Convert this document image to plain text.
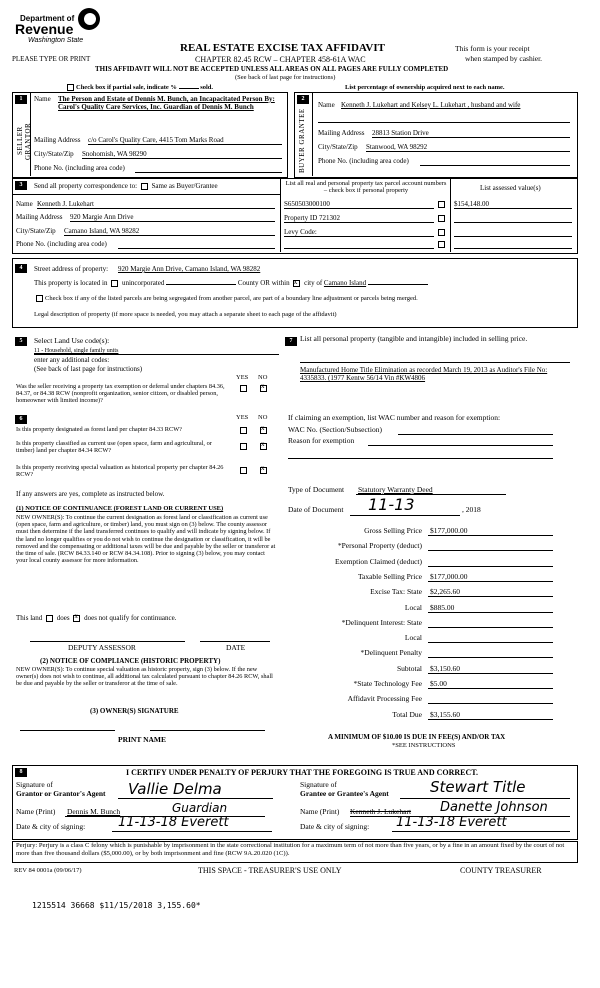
Department of
Revenue
Washington State
PLEASE TYPE OR PRINT
REAL ESTATE EXCISE TAX AFFIDAVIT
CHAPTER 82.45 RCW – CHAPTER 458-61A WAC
THIS AFFIDAVIT WILL NOT BE ACCEPTED UNLESS ALL AREAS ON ALL PAGES ARE FULLY COMPLETED
(See back of last page for instructions)
This form is your receipt
when stamped by cashier.
Check box if partial sale, indicate %	sold.	List percentage of ownership acquired next to each name.
1	2
SELLER GRANTOR	BUYER GRANTEE
Name The Person and Estate of Dennis M. Bunch, an Incapacitated Person By: Carol's Quality Care Services, Inc. Guardian of Dennis M. Bunch
Mailing Address c/o Carol's Quality Care, 4415 Tom Marks Road
City/State/Zip Snohomish, WA 98290
Phone No. (including area code)
Name Kenneth J. Lukehart and Kelsey L. Lukehart , husband and wife
Mailing Address 28813 Station Drive
City/State/Zip Stanwood, WA 98292
Phone No. (including area code)
3	Send all property correspondence to: Same as Buyer/Grantee
Name Kenneth J. Lukehart
Mailing Address 920 Margie Ann Drive
City/State/Zip Camano Island, WA 98282
Phone No. (including area code)
List all real and personal property tax parcel account numbers – check box if personal property	List assessed value(s)
S650503000100
Property ID 721302
Levy Code:
$154,148.00
4	Street address of property: 920 Margie Ann Drive, Camano Island, WA 98282
This property is located in unincorporated	County OR within x city of Camano Island
Check box if any of the listed parcels are being segregated from another parcel, are part of a boundary line adjustment or parcels being merged.
Legal description of property (if more space is needed, you may attach a separate sheet to each page of the affidavit)
5	Select Land Use code(s):
11 - Household, single family units
enter any additional codes:
(See back of last page for instructions)
YES NO
Was the seller receiving a property tax exemption or deferral under chapters 84.36, 84.37, or 84.38 RCW (nonprofit organization, senior citizen, or disabled person, homeowner with limited income)?
x
6	YES NO
Is this property designated as forest land per chapter 84.33 RCW?	x
Is this property classified as current use (open space, farm and agricultural, or timber) land per chapter 84.34 RCW?
x
Is this property receiving special valuation as historical property per chapter 84.26 RCW?
x
If any answers are yes, complete as instructed below.
(1) NOTICE OF CONTINUANCE (FOREST LAND OR CURRENT USE)
NEW OWNER(S): To continue the current designation as forest land or classification as current use (open space, farm and agriculture, or timber) land, you must sign on (3) below. The county assessor must then determine if the land transferred continues to qualify and will indicate by signing below. If the land no longer qualifies or you do not wish to continue the designation or classification, it will be removed and the compensating or additional taxes will be due and payable by the seller or transferor at the time of sale. (RCW 84.33.140 or RCW 84.34.108). Prior to signing (3) below, you may contact your local county assessor for more information.
This land does x does not qualify for continuance.
DEPUTY ASSESSOR	DATE
(2) NOTICE OF COMPLIANCE (HISTORIC PROPERTY)
NEW OWNER(S): To continue special valuation as historic property, sign (3) below. If the new owner(s) does not wish to continue, all additional tax calculated pursuant to chapter 84.26 RCW, shall be due and payable by the seller or transferor at the time of sale.
(3) OWNER(S) SIGNATURE
PRINT NAME
7	List all personal property (tangible and intangible) included in selling price.
Manufactured Home Title Elimination as recorded March 19, 2013 as Auditor's File No: 4335833. (1977 Kentw 56/14 Vin #KW4806
If claiming an exemption, list WAC number and reason for exemption:
WAC No. (Section/Subsection)
Reason for exemption
Type of Document Statutory Warranty Deed
Date of Document 11-13	, 2018
Gross Selling Price $177,000.00
*Personal Property (deduct)
Exemption Claimed (deduct)
Taxable Selling Price $177,000.00
Excise Tax: State $2,265.60
Local $885.00
*Delinquent Interest: State
Local
*Delinquent Penalty
Subtotal $3,150.60
*State Technology Fee $5.00
Affidavit Processing Fee
Total Due $3,155.60
A MINIMUM OF $10.00 IS DUE IN FEE(S) AND/OR TAX
*SEE INSTRUCTIONS
8	I CERTIFY UNDER PENALTY OF PERJURY THAT THE FOREGOING IS TRUE AND CORRECT.
Signature of
Grantor or Grantor's Agent Vallie Delma
Name (Print) Dennis M. Bunch	Guardian
Date & city of signing:	11-13-18 Everett
Signature of
Grantee or Grantee's Agent	Stewart Title
Name (Print) Kenneth J. Lukehart Danette Johnson
Date & city of signing: 11-13-18 Everett
Perjury: Perjury is a class C felony which is punishable by imprisonment in the state correctional institution for a maximum term of not more than five years, or by a fine in an amount fixed by the court of not more than five thousand dollars ($5,000.00), or by both imprisonment and fine (RCW 9A.20.020 (1C)).
REV 84 0001a (09/06/17)	THIS SPACE - TREASURER'S USE ONLY	COUNTY TREASURER
1215514 36668 $11/15/2018 3,155.60*
